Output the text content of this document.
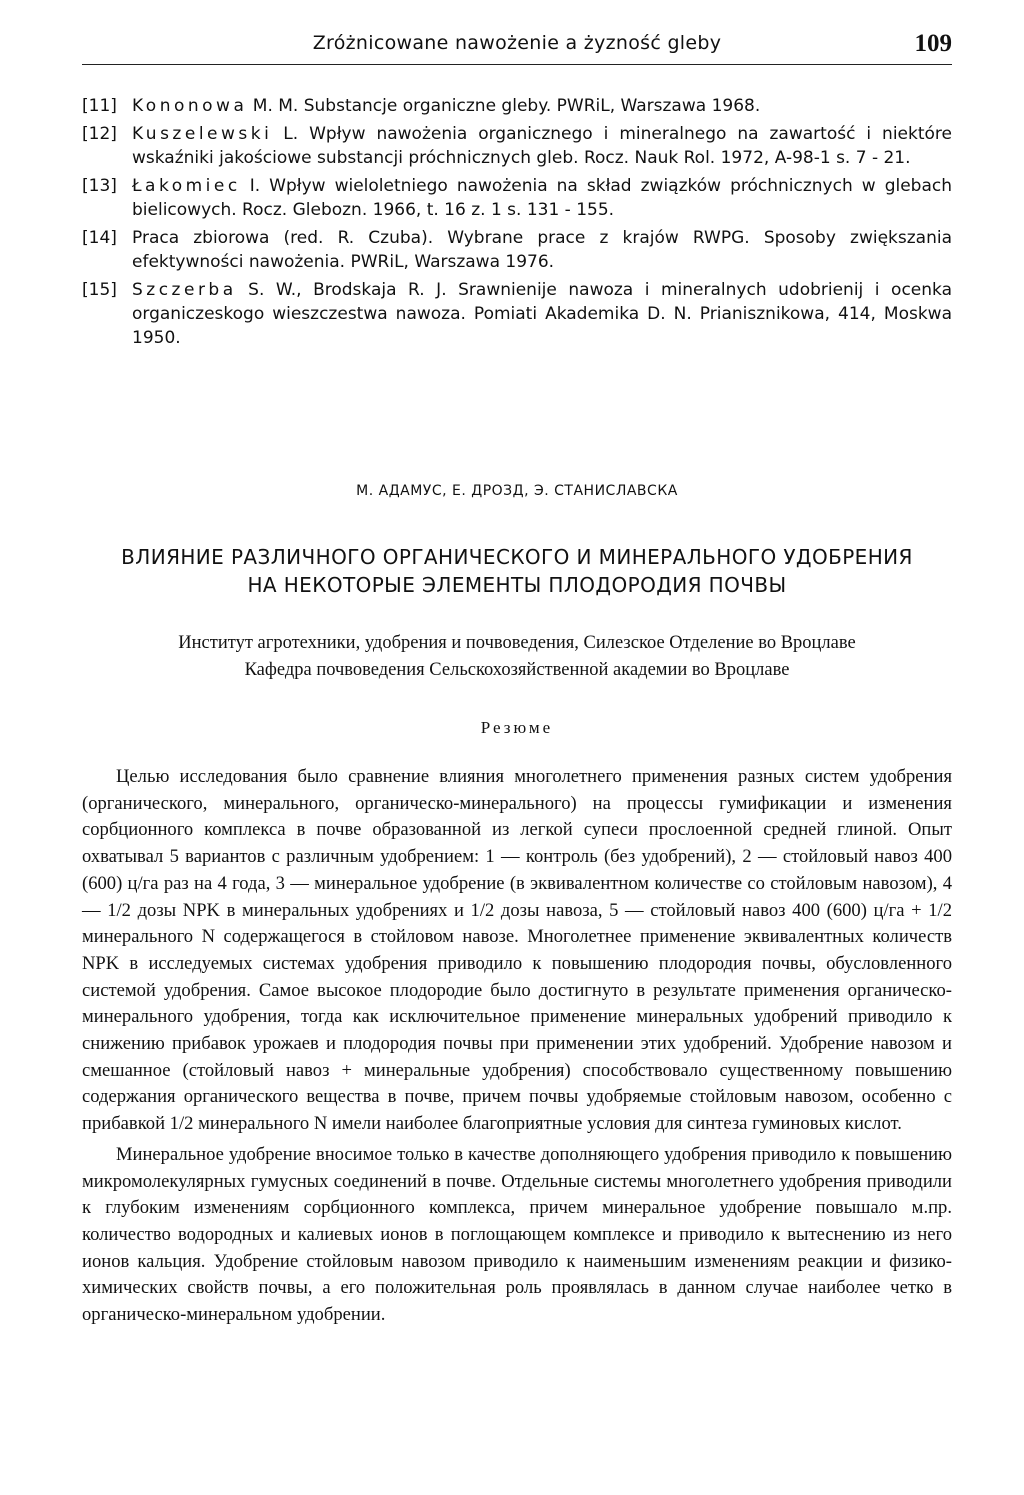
Zróżnicowane nawożenie a żyzność gleby	109
[11] Kononowa M. M. Substancje organiczne gleby. PWRiL, Warszawa 1968.
[12] Kuszelewski L. Wpływ nawożenia organicznego i mineralnego na zawartość i niektóre wskaźniki jakościowe substancji próchnicznych gleb. Rocz. Nauk Rol. 1972, A-98-1 s. 7 - 21.
[13] Łakomiec I. Wpływ wieloletniego nawożenia na skład związków próchnicznych w glebach bielicowych. Rocz. Glebozn. 1966, t. 16 z. 1 s. 131 - 155.
[14] Praca zbiorowa (red. R. Czuba). Wybrane prace z krajów RWPG. Sposoby zwiększania efektywności nawożenia. PWRiL, Warszawa 1976.
[15] Szczerba S. W., Brodskaja R. J. Srawnienije nawoza i mineralnych udobrienij i ocenka organiczeskogo wieszczestwa nawoza. Pomiati Akademika D. N. Prianisznikowa, 414, Moskwa 1950.
М. АДАМУС, Е. ДРОЗД, Э. СТАНИСЛАВСКА
ВЛИЯНИЕ РАЗЛИЧНОГО ОРГАНИЧЕСКОГО И МИНЕРАЛЬНОГО УДОБРЕНИЯ
НА НЕКОТОРЫЕ ЭЛЕМЕНТЫ ПЛОДОРОДИЯ ПОЧВЫ
Институт агротехники, удобрения и почвоведения, Силезское Отделение во Вроцлаве
Кафедра почвоведения Сельскохозяйственной академии во Вроцлаве
Резюме

Целью исследования было сравнение влияния многолетнего применения разных систем удобрения (органического, минерального, органическо-минерального) на процессы гумификации и изменения сорбционного комплекса в почве образованной из легкой супеси прослоенной средней глиной. Опыт охватывал 5 вариантов с различным удобрением: 1 — контроль (без удобрений), 2 — стойловый навоз 400 (600) ц/га раз на 4 года, 3 — минеральное удобрение (в эквивалентном количестве со стойловым навозом), 4 — 1/2 дозы NPK в минеральных удобрениях и 1/2 дозы навоза, 5 — стойловый навоз 400 (600) ц/га + 1/2 минерального N содержащегося в стойловом навозе. Многолетнее применение эквивалентных количеств NPK в исследуемых системах удобрения приводило к повышению плодородия почвы, обусловленного системой удобрения. Самое высокое плодородие было достигнуто в результате применения органическо-минерального удобрения, тогда как исключительное применение минеральных удобрений приводило к снижению прибавок урожаев и плодородия почвы при применении этих удобрений. Удобрение навозом и смешанное (стойловый навоз + минеральные удобрения) способствовало существенному повышению содержания органического вещества в почве, причем почвы удобряемые стойловым навозом, особенно с прибавкой 1/2 минерального N имели наиболее благоприятные условия для синтеза гуминовых кислот.

Минеральное удобрение вносимое только в качестве дополняющего удобрения приводило к повышению микромолекулярных гумусных соединений в почве. Отдельные системы многолетнего удобрения приводили к глубоким изменениям сорбционного комплекса, причем минеральное удобрение повышало м.пр. количество водородных и калиевых ионов в поглощающем комплексе и приводило к вытеснению из него ионов кальция. Удобрение стойловым навозом приводило к наименьшим изменениям реакции и физико-химических свойств почвы, а его положительная роль проявлялась в данном случае наиболее четко в органическо-минеральном удобрении.
